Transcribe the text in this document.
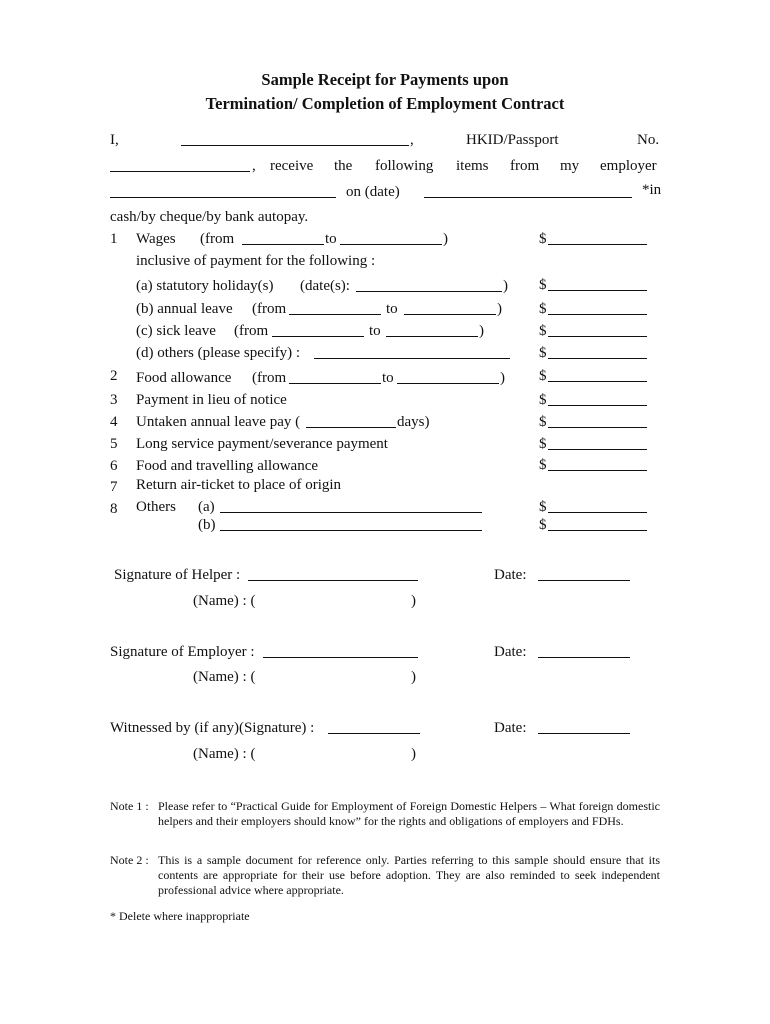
Sample Receipt for Payments upon
Termination/ Completion of Employment Contract
I,	,	HKID/Passport	No.
, receive the following items from my employer
on (date)	*in
cash/by cheque/by bank autopay.
1 Wages (from	to	)	$
inclusive of payment for the following :
(a) statutory holiday(s) (date(s):	) $
(b) annual leave (from	to	) $
(c) sick leave (from	to	)	$
(d) others (please specify) :	$
2 Food allowance (from	to	) $
3 Payment in lieu of notice	$
4 Untaken annual leave pay (	days)	$
5 Long service payment/severance payment	$
6 Food and travelling allowance	$
7 Return air-ticket to place of origin
8 Others (a)	$
(b)	$
Signature of Helper :	Date:
(Name) : (	)
Signature of Employer :	Date:
(Name) : (	)
Witnessed by (if any)(Signature) :	Date:
(Name) : (	)
Note 1 : Please refer to “Practical Guide for Employment of Foreign Domestic Helpers – What foreign domestic helpers and their employers should know” for the rights and obligations of employers and FDHs.
Note 2 : This is a sample document for reference only. Parties referring to this sample should ensure that its contents are appropriate for their use before adoption. They are also reminded to seek independent professional advice where appropriate.
* Delete where inappropriate
